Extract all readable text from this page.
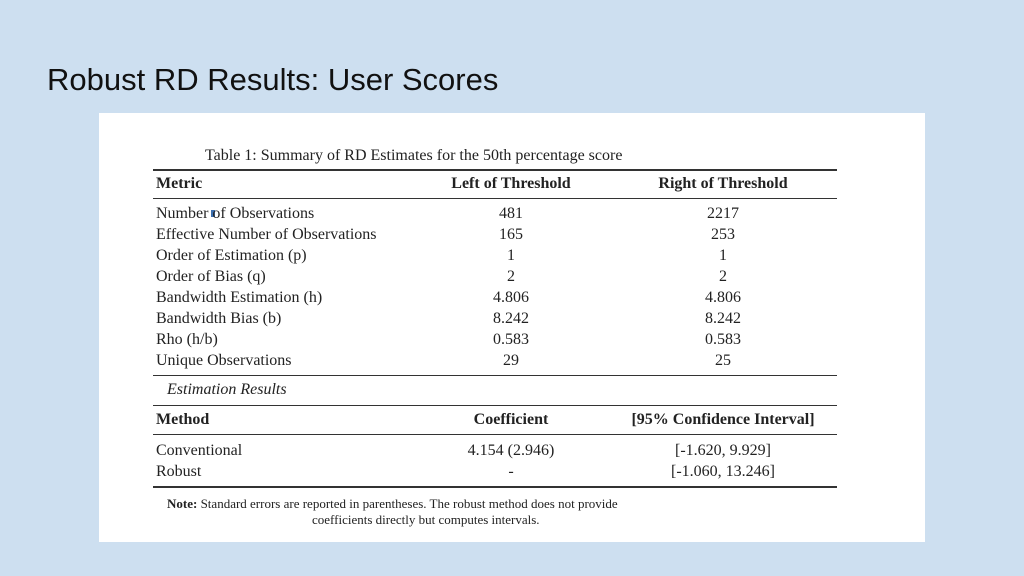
Robust RD Results: User Scores
Table 1: Summary of RD Estimates for the 50th percentage score
Metric	Left of Threshold	Right of Threshold
Number of Observations	481	2217
Effective Number of Observations	165	253
Order of Estimation (p)	1	1
Order of Bias (q)	2	2
Bandwidth Estimation (h)	4.806	4.806
Bandwidth Bias (b)	8.242	8.242
Rho (h/b)	0.583	0.583
Unique Observations	29	25
Estimation Results
Method	Coefficient	[95% Confidence Interval]
Conventional	4.154 (2.946)	[-1.620, 9.929]
Robust	-	[-1.060, 13.246]
Note: Standard errors are reported in parentheses. The robust method does not provide
coefficients directly but computes intervals.
